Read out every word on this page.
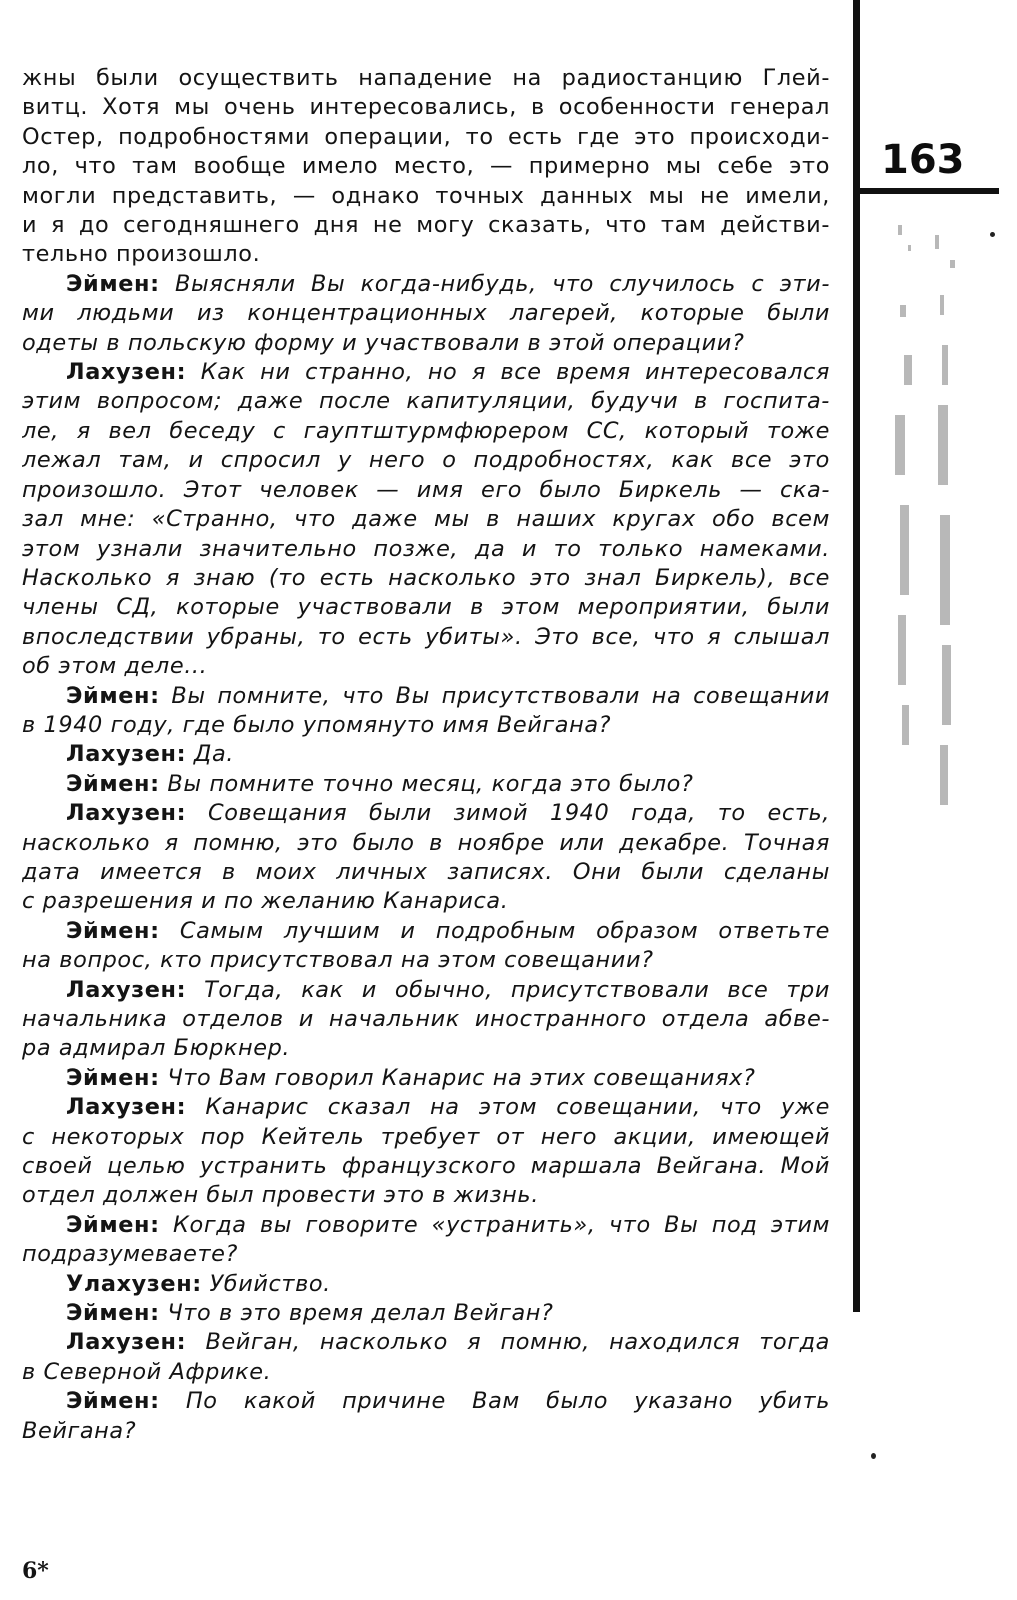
163
жны были осуществить нападение на радиостанцию Глей-
витц. Хотя мы очень интересовались, в особенности генерал
Остер, подробностями операции, то есть где это происходи-
ло, что там вообще имело место, — примерно мы себе это
могли представить, — однако точных данных мы не имели,
и я до сегодняшнего дня не могу сказать, что там действи-
тельно произошло.
Эймен: Выясняли Вы когда-нибудь, что случилось с эти-
ми людьми из концентрационных лагерей, которые были
одеты в польскую форму и участвовали в этой операции?
Лахузен: Как ни странно, но я все время интересовался
этим вопросом; даже после капитуляции, будучи в госпита-
ле, я вел беседу с гауптштурмфюрером СС, который тоже
лежал там, и спросил у него о подробностях, как все это
произошло. Этот человек — имя его было Биркель — ска-
зал мне: «Странно, что даже мы в наших кругах обо всем
этом узнали значительно позже, да и то только намеками.
Насколько я знаю (то есть насколько это знал Биркель), все
члены СД, которые участвовали в этом мероприятии, были
впоследствии убраны, то есть убиты». Это все, что я слышал
об этом деле...
Эймен: Вы помните, что Вы присутствовали на совещании
в 1940 году, где было упомянуто имя Вейгана?
Лахузен: Да.
Эймен: Вы помните точно месяц, когда это было?
Лахузен: Совещания были зимой 1940 года, то есть,
насколько я помню, это было в ноябре или декабре. Точная
дата имеется в моих личных записях. Они были сделаны
с разрешения и по желанию Канариса.
Эймен: Самым лучшим и подробным образом ответьте
на вопрос, кто присутствовал на этом совещании?
Лахузен: Тогда, как и обычно, присутствовали все три
начальника отделов и начальник иностранного отдела абве-
ра адмирал Бюркнер.
Эймен: Что Вам говорил Канарис на этих совещаниях?
Лахузен: Канарис сказал на этом совещании, что уже
с некоторых пор Кейтель требует от него акции, имеющей
своей целью устранить французского маршала Вейгана. Мой
отдел должен был провести это в жизнь.
Эймен: Когда вы говорите «устранить», что Вы под этим
подразумеваете?
Улахузен: Убийство.
Эймен: Что в это время делал Вейган?
Лахузен: Вейган, насколько я помню, находился тогда
в Северной Африке.
Эймен: По какой причине Вам было указано убить
Вейгана?
6*
